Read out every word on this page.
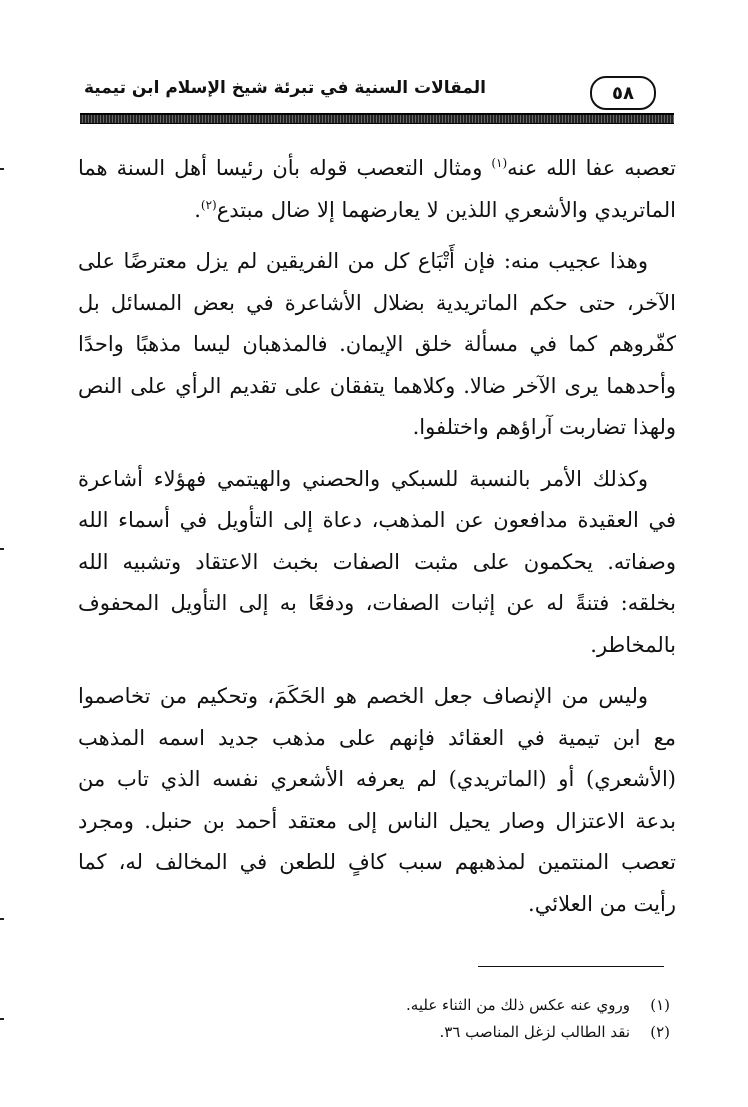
٥٨
المقالات السنية في تبرئة شيخ الإسلام ابن تيمية

تعصبه عفا الله عنه$^{(١)}$ ومثال التعصب قوله بأن رئيسا أهل السنة هما الماتريدي والأشعري اللذين لا يعارضهما إلا ضال مبتدع$^{(٢)}$.

وهذا عجيب منه: فإن أَتْبَاع كل من الفريقين لم يزل معترضًا على الآخر، حتى حكم الماتريدية بضلال الأشاعرة في بعض المسائل بل كفّروهم كما في مسألة خلق الإيمان. فالمذهبان ليسا مذهبًا واحدًا وأحدهما يرى الآخر ضالا. وكلاهما يتفقان على تقديم الرأي على النص ولهذا تضاربت آراؤهم واختلفوا.

وكذلك الأمر بالنسبة للسبكي والحصني والهيتمي فهؤلاء أشاعرة في العقيدة مدافعون عن المذهب، دعاة إلى التأويل في أسماء الله وصفاته. يحكمون على مثبت الصفات بخبث الاعتقاد وتشبيه الله بخلقه: فتنةً له عن إثبات الصفات، ودفعًا به إلى التأويل المحفوف بالمخاطر.

وليس من الإنصاف جعل الخصم هو الحَكَمَ، وتحكيم من تخاصموا مع ابن تيمية في العقائد فإنهم على مذهب جديد اسمه المذهب (الأشعري) أو (الماتريدي) لم يعرفه الأشعري نفسه الذي تاب من بدعة الاعتزال وصار يحيل الناس إلى معتقد أحمد بن حنبل. ومجرد تعصب المنتمين لمذهبهم سبب كافٍ للطعن في المخالف له، كما رأيت من العلائي.

(١)
وروي عنه عكس ذلك من الثناء عليه.
(٢)
نقد الطالب لزغل المناصب ٣٦.
